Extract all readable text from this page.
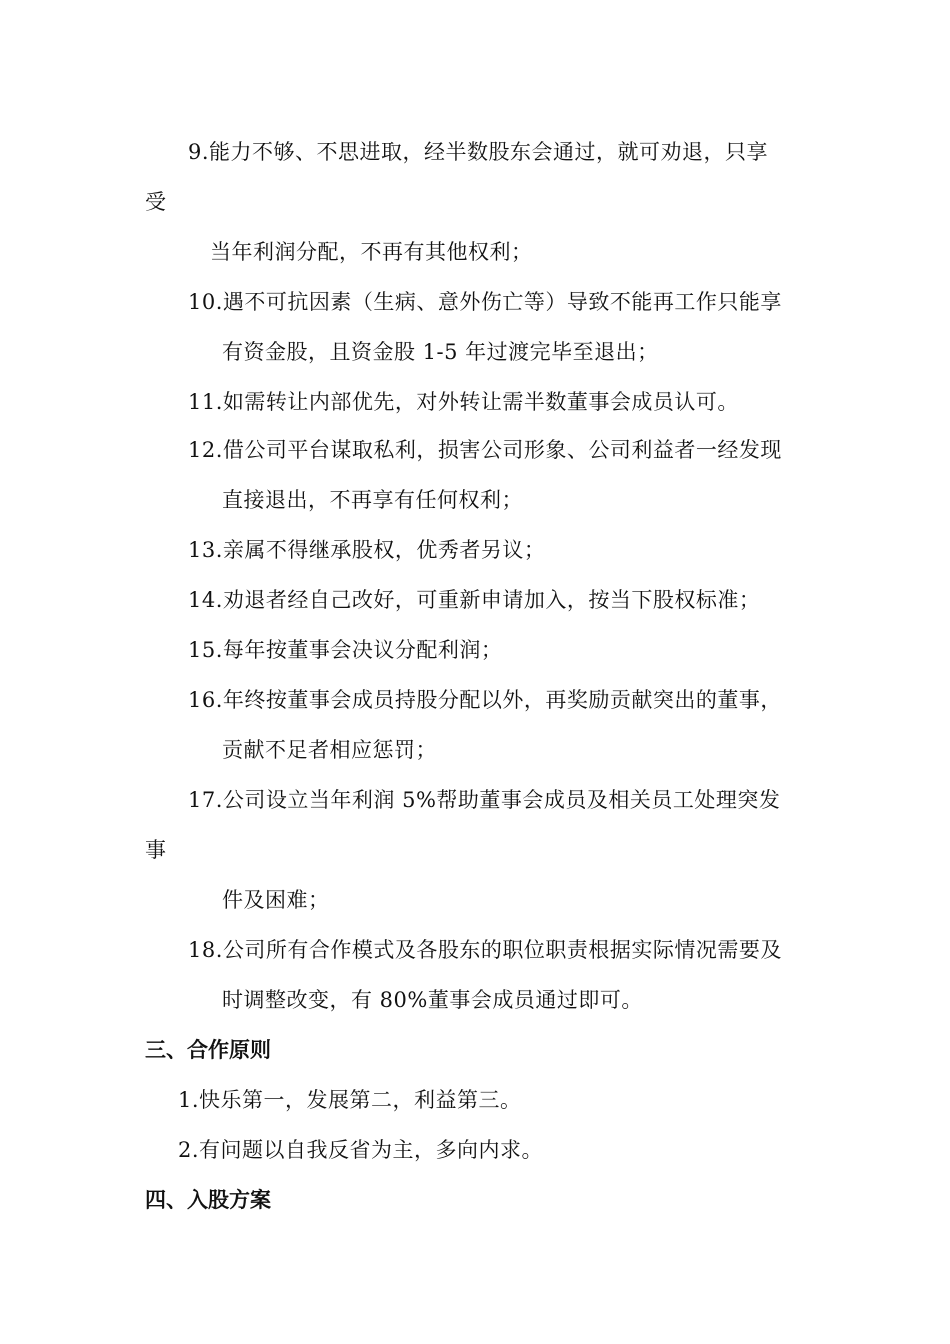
9.能力不够、不思进取，经半数股东会通过，就可劝退，只享
受
当年利润分配，不再有其他权利；
10.遇不可抗因素（生病、意外伤亡等）导致不能再工作只能享
有资金股，且资金股 1-5 年过渡完毕至退出；
11.如需转让内部优先，对外转让需半数董事会成员认可。
12.借公司平台谋取私利，损害公司形象、公司利益者一经发现
直接退出，不再享有任何权利；
13.亲属不得继承股权，优秀者另议；
14.劝退者经自己改好，可重新申请加入，按当下股权标准；
15.每年按董事会决议分配利润；
16.年终按董事会成员持股分配以外，再奖励贡献突出的董事，
贡献不足者相应惩罚；
17.公司设立当年利润 5%帮助董事会成员及相关员工处理突发
事
件及困难；
18.公司所有合作模式及各股东的职位职责根据实际情况需要及
时调整改变，有 80%董事会成员通过即可。
三、合作原则
1.快乐第一，发展第二，利益第三。
2.有问题以自我反省为主，多向内求。
四、入股方案
